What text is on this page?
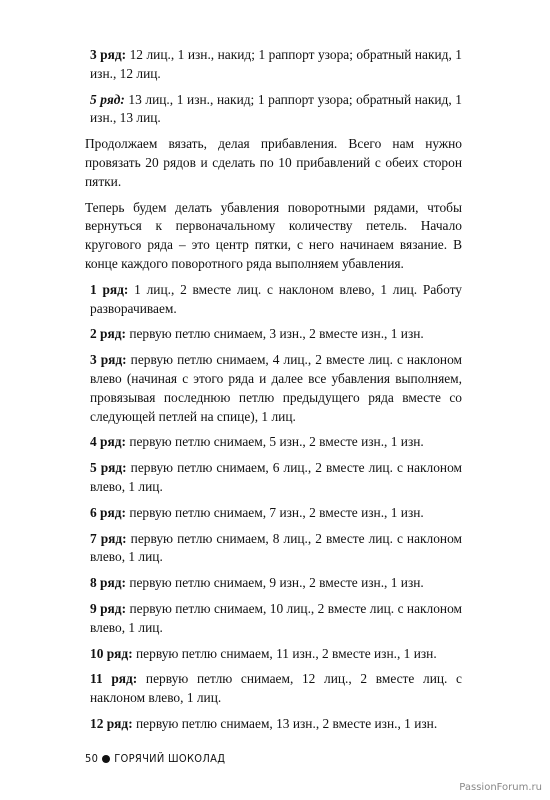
3 ряд: 12 лиц., 1 изн., накид; 1 раппорт узора; обратный накид, 1 изн., 12 лиц.

5 ряд: 13 лиц., 1 изн., накид; 1 раппорт узора; обратный накид, 1 изн., 13 лиц.

Продолжаем вязать, делая прибавления. Всего нам нужно провязать 20 рядов и сделать по 10 прибавлений с обеих сторон пятки.

Теперь будем делать убавления поворотными рядами, чтобы вернуться к первоначальному количеству петель. Начало кругового ряда – это центр пятки, с него начинаем вязание. В конце каждого поворотного ряда выполняем убавления.

1 ряд: 1 лиц., 2 вместе лиц. с наклоном влево, 1 лиц. Работу разворачиваем.

2 ряд: первую петлю снимаем, 3 изн., 2 вместе изн., 1 изн.

3 ряд: первую петлю снимаем, 4 лиц., 2 вместе лиц. с наклоном влево (начиная с этого ряда и далее все убавления выполняем, провязывая последнюю петлю предыдущего ряда вместе со следующей петлей на спице), 1 лиц.

4 ряд: первую петлю снимаем, 5 изн., 2 вместе изн., 1 изн.

5 ряд: первую петлю снимаем, 6 лиц., 2 вместе лиц. с наклоном влево, 1 лиц.

6 ряд: первую петлю снимаем, 7 изн., 2 вместе изн., 1 изн.

7 ряд: первую петлю снимаем, 8 лиц., 2 вместе лиц. с наклоном влево, 1 лиц.

8 ряд: первую петлю снимаем, 9 изн., 2 вместе изн., 1 изн.

9 ряд: первую петлю снимаем, 10 лиц., 2 вместе лиц. с наклоном влево, 1 лиц.

10 ряд: первую петлю снимаем, 11 изн., 2 вместе изн., 1 изн.

11 ряд: первую петлю снимаем, 12 лиц., 2 вместе лиц. с наклоном влево, 1 лиц.

12 ряд: первую петлю снимаем, 13 изн., 2 вместе изн., 1 изн.

50 ГОРЯЧИЙ ШОКОЛАД
PassionForum.ru
